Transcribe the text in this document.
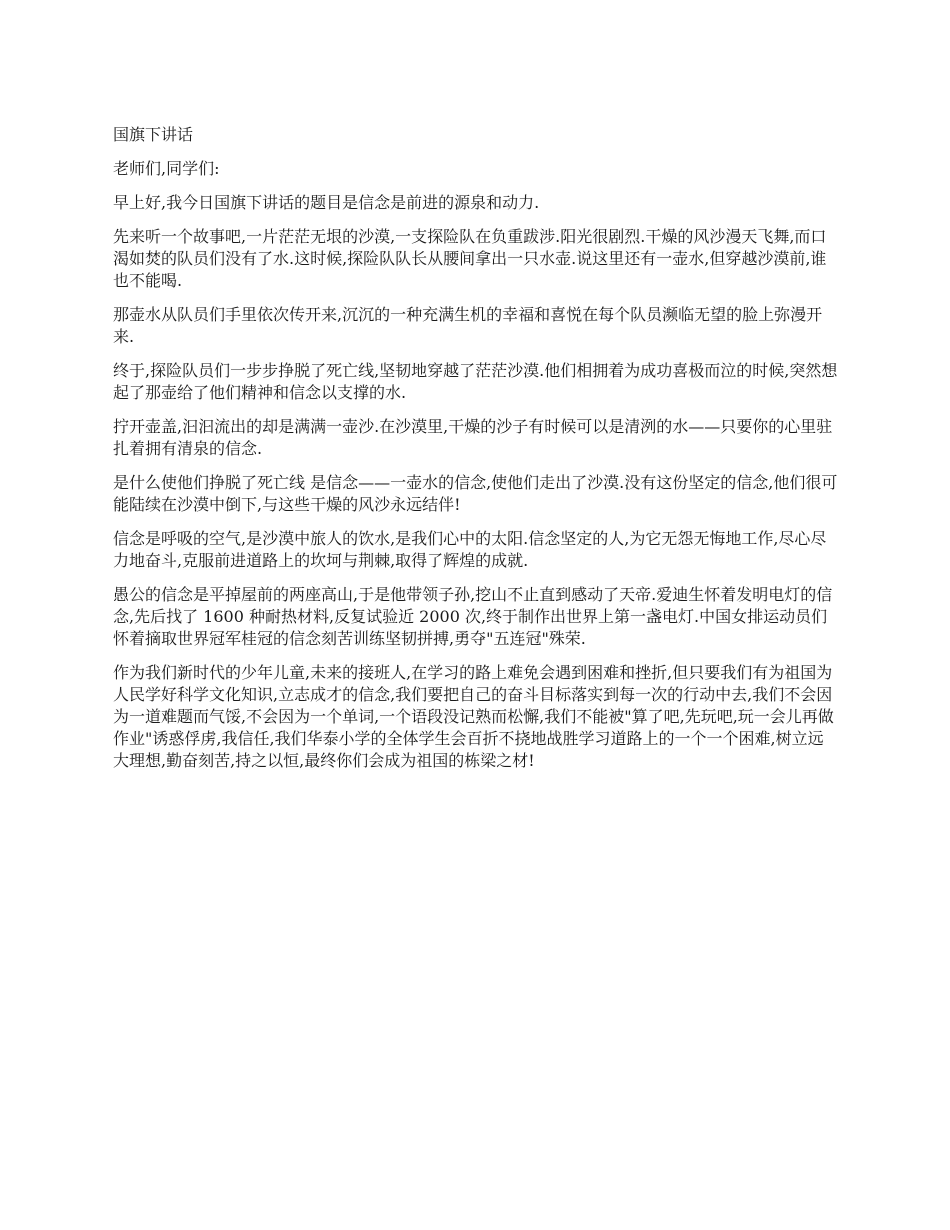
国旗下讲话

老师们,同学们:

早上好,我今日国旗下讲话的题目是信念是前进的源泉和动力.

先来听一个故事吧,一片茫茫无垠的沙漠,一支探险队在负重跋涉.阳光很剧烈.干燥的风沙漫天飞舞,而口渴如焚的队员们没有了水.这时候,探险队队长从腰间拿出一只水壶.说这里还有一壶水,但穿越沙漠前,谁也不能喝.

那壶水从队员们手里依次传开来,沉沉的一种充满生机的幸福和喜悦在每个队员濒临无望的脸上弥漫开来.

终于,探险队员们一步步挣脱了死亡线,坚韧地穿越了茫茫沙漠.他们相拥着为成功喜极而泣的时候,突然想起了那壶给了他们精神和信念以支撑的水.

拧开壶盖,汩汩流出的却是满满一壶沙.在沙漠里,干燥的沙子有时候可以是清洌的水——只要你的心里驻扎着拥有清泉的信念.

是什么使他们挣脱了死亡线 是信念——一壶水的信念,使他们走出了沙漠.没有这份坚定的信念,他们很可能陆续在沙漠中倒下,与这些干燥的风沙永远结伴!

信念是呼吸的空气,是沙漠中旅人的饮水,是我们心中的太阳.信念坚定的人,为它无怨无悔地工作,尽心尽力地奋斗,克服前进道路上的坎坷与荆棘,取得了辉煌的成就.

愚公的信念是平掉屋前的两座高山,于是他带领子孙,挖山不止直到感动了天帝.爱迪生怀着发明电灯的信念,先后找了 1600 种耐热材料,反复试验近 2000 次,终于制作出世界上第一盏电灯.中国女排运动员们怀着摘取世界冠军桂冠的信念刻苦训练坚韧拼搏,勇夺"五连冠"殊荣.

作为我们新时代的少年儿童,未来的接班人,在学习的路上难免会遇到困难和挫折,但只要我们有为祖国为人民学好科学文化知识,立志成才的信念,我们要把自己的奋斗目标落实到每一次的行动中去,我们不会因为一道难题而气馁,不会因为一个单词,一个语段没记熟而松懈,我们不能被"算了吧,先玩吧,玩一会儿再做作业"诱惑俘虏,我信任,我们华泰小学的全体学生会百折不挠地战胜学习道路上的一个一个困难,树立远大理想,勤奋刻苦,持之以恒,最终你们会成为祖国的栋梁之材!
